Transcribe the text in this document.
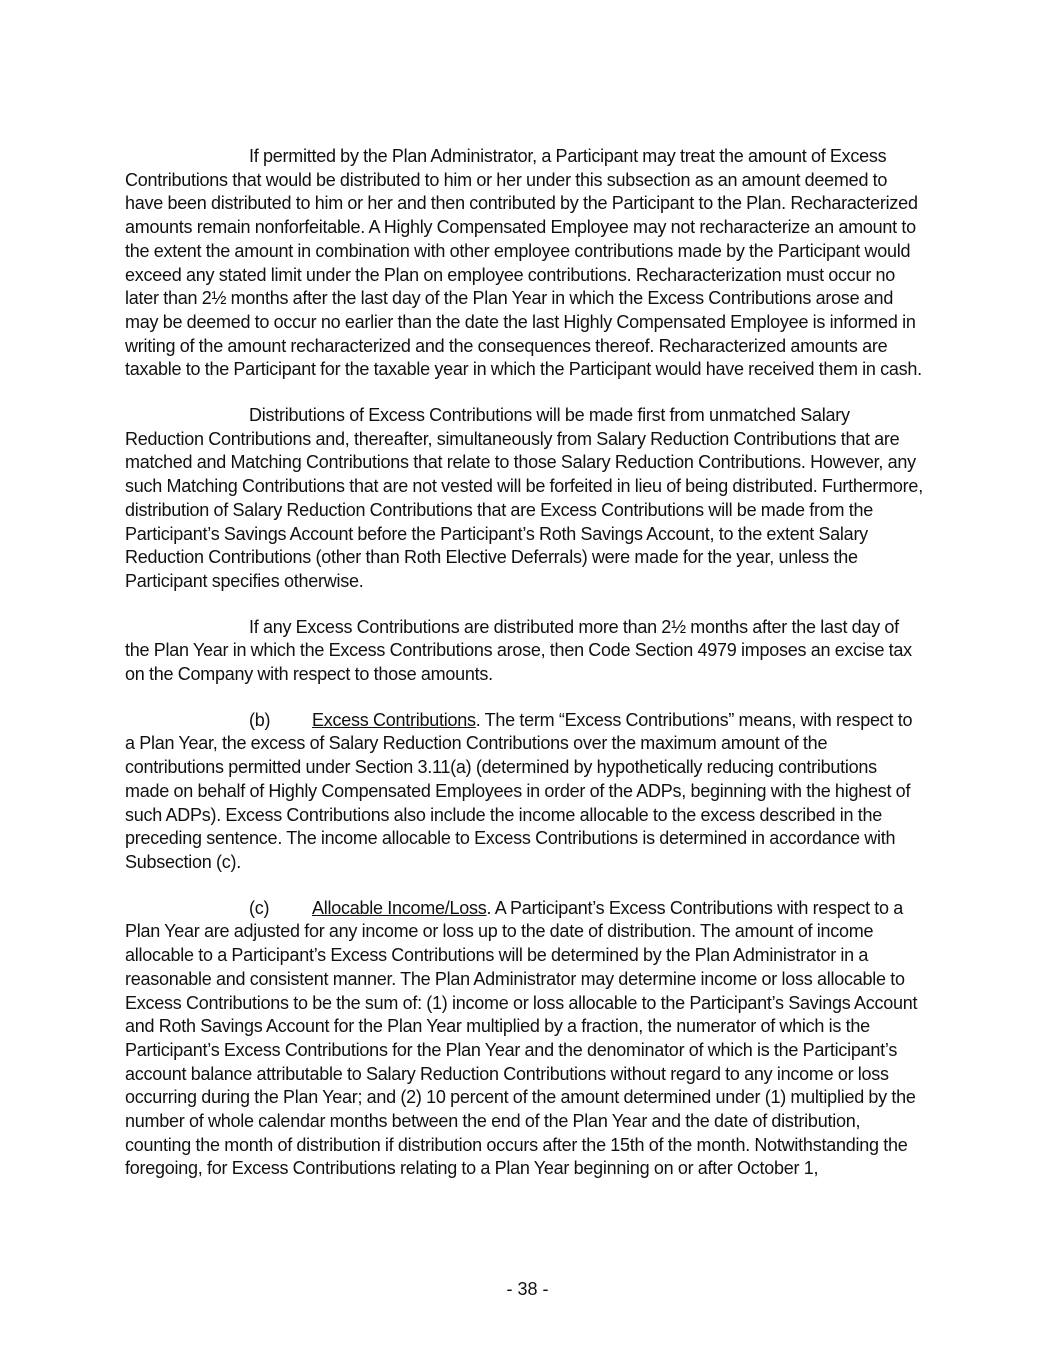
If permitted by the Plan Administrator, a Participant may treat the amount of Excess Contributions that would be distributed to him or her under this subsection as an amount deemed to have been distributed to him or her and then contributed by the Participant to the Plan. Recharacterized amounts remain nonforfeitable. A Highly Compensated Employee may not recharacterize an amount to the extent the amount in combination with other employee contributions made by the Participant would exceed any stated limit under the Plan on employee contributions. Recharacterization must occur no later than 2½ months after the last day of the Plan Year in which the Excess Contributions arose and may be deemed to occur no earlier than the date the last Highly Compensated Employee is informed in writing of the amount recharacterized and the consequences thereof. Recharacterized amounts are taxable to the Participant for the taxable year in which the Participant would have received them in cash.

Distributions of Excess Contributions will be made first from unmatched Salary Reduction Contributions and, thereafter, simultaneously from Salary Reduction Contributions that are matched and Matching Contributions that relate to those Salary Reduction Contributions. However, any such Matching Contributions that are not vested will be forfeited in lieu of being distributed. Furthermore, distribution of Salary Reduction Contributions that are Excess Contributions will be made from the Participant’s Savings Account before the Participant’s Roth Savings Account, to the extent Salary Reduction Contributions (other than Roth Elective Deferrals) were made for the year, unless the Participant specifies otherwise.

If any Excess Contributions are distributed more than 2½ months after the last day of the Plan Year in which the Excess Contributions arose, then Code Section 4979 imposes an excise tax on the Company with respect to those amounts.

(b) Excess Contributions. The term “Excess Contributions” means, with respect to a Plan Year, the excess of Salary Reduction Contributions over the maximum amount of the contributions permitted under Section 3.11(a) (determined by hypothetically reducing contributions made on behalf of Highly Compensated Employees in order of the ADPs, beginning with the highest of such ADPs). Excess Contributions also include the income allocable to the excess described in the preceding sentence. The income allocable to Excess Contributions is determined in accordance with Subsection (c).

(c) Allocable Income/Loss. A Participant’s Excess Contributions with respect to a Plan Year are adjusted for any income or loss up to the date of distribution. The amount of income allocable to a Participant’s Excess Contributions will be determined by the Plan Administrator in a reasonable and consistent manner. The Plan Administrator may determine income or loss allocable to Excess Contributions to be the sum of: (1) income or loss allocable to the Participant’s Savings Account and Roth Savings Account for the Plan Year multiplied by a fraction, the numerator of which is the Participant’s Excess Contributions for the Plan Year and the denominator of which is the Participant’s account balance attributable to Salary Reduction Contributions without regard to any income or loss occurring during the Plan Year; and (2) 10 percent of the amount determined under (1) multiplied by the number of whole calendar months between the end of the Plan Year and the date of distribution, counting the month of distribution if distribution occurs after the 15th of the month. Notwithstanding the foregoing, for Excess Contributions relating to a Plan Year beginning on or after October 1,

- 38 -
